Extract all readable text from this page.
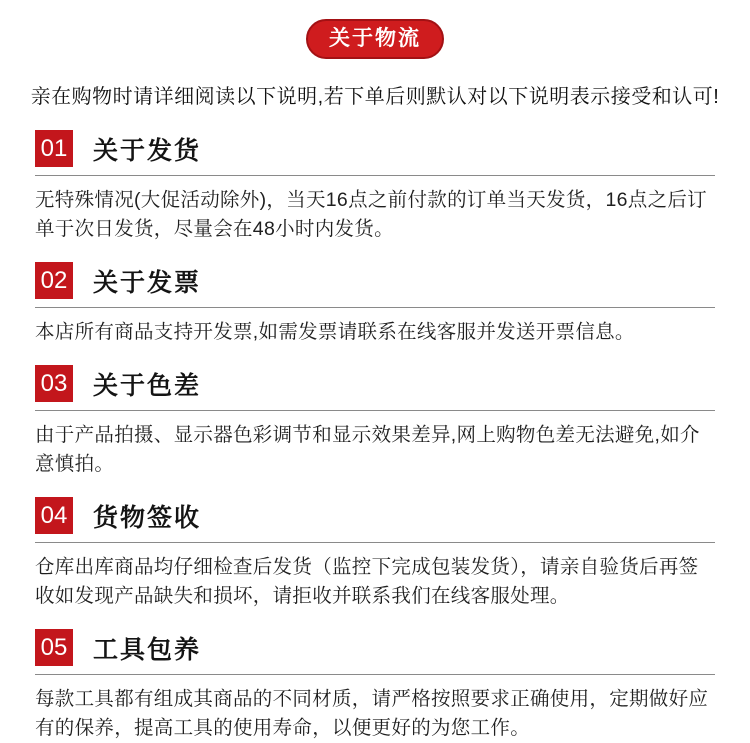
关于物流
亲在购物时请详细阅读以下说明,若下单后则默认对以下说明表示接受和认可!
01 关于发货
无特殊情况(大促活动除外)，当天16点之前付款的订单当天发货，16点之后订单于次日发货，尽量会在48小时内发货。
02 关于发票
本店所有商品支持开发票,如需发票请联系在线客服并发送开票信息。
03 关于色差
由于产品拍摄、显示器色彩调节和显示效果差异,网上购物色差无法避免,如介意慎拍。
04 货物签收
仓库出库商品均仔细检查后发货（监控下完成包装发货），请亲自验货后再签收如发现产品缺失和损坏，请拒收并联系我们在线客服处理。
05 工具包养
每款工具都有组成其商品的不同材质，请严格按照要求正确使用，定期做好应有的保养，提高工具的使用寿命，以便更好的为您工作。
